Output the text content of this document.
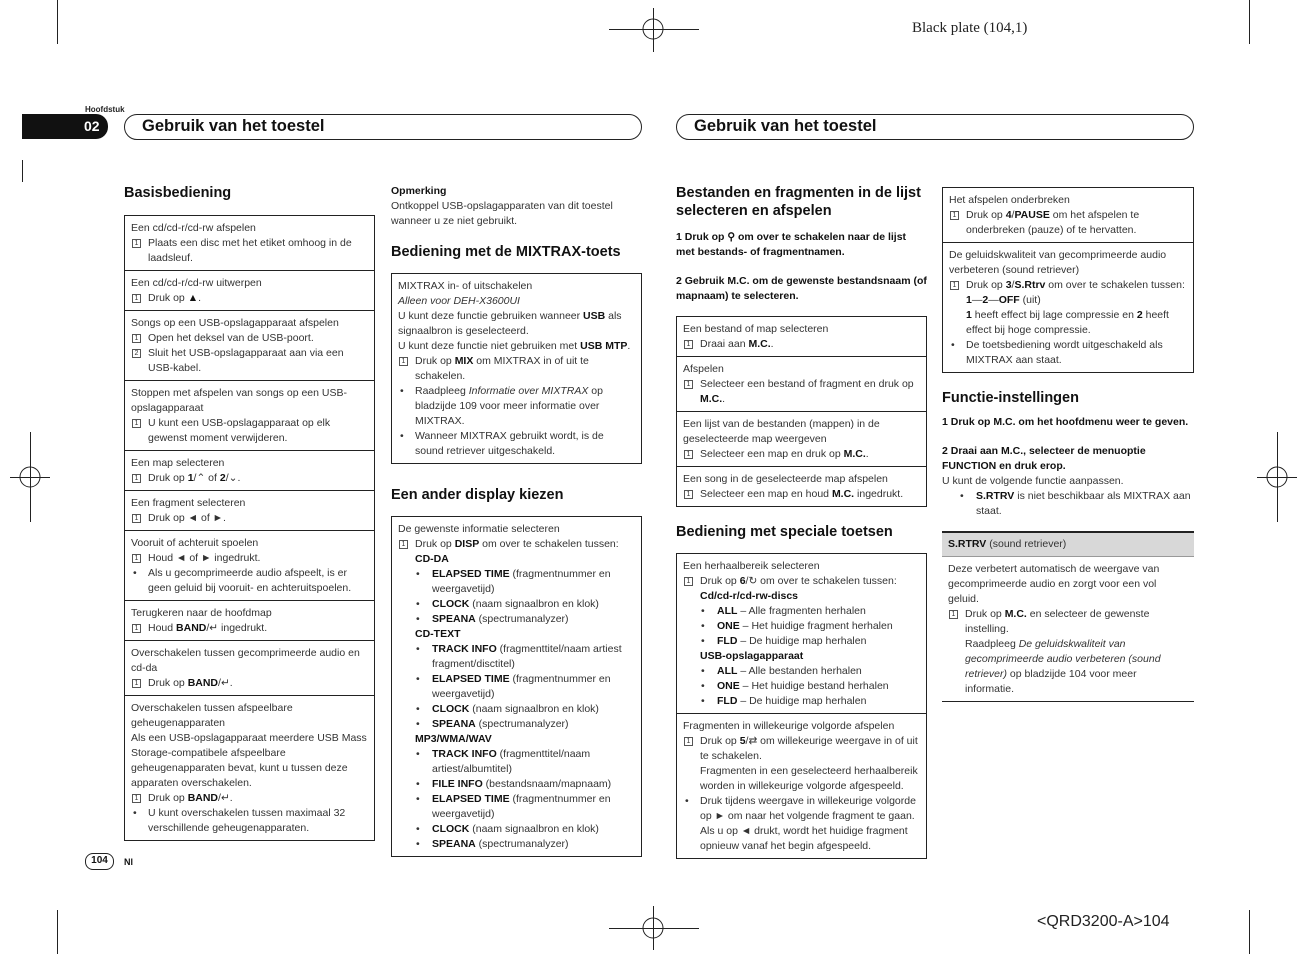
Black plate (104,1)
Hoofdstuk
02	Gebruik van het toestel	Gebruik van het toestel
Basisbediening
Een cd/cd-r/cd-rw afspelen
1 Plaats een disc met het etiket omhoog in de laadsleuf.
Een cd/cd-r/cd-rw uitwerpen
1 Druk op ▲.
Songs op een USB-opslagapparaat afspelen
1 Open het deksel van de USB-poort.
2 Sluit het USB-opslagapparaat aan via een USB-kabel.
Stoppen met afspelen van songs op een USB-opslagapparaat
1 U kunt een USB-opslagapparaat op elk gewenst moment verwijderen.
Een map selecteren
1 Druk op 1/⌃ of 2/⌄.
Een fragment selecteren
1 Druk op ◄ of ►.
Vooruit of achteruit spoelen
1 Houd ◄ of ► ingedrukt.
• Als u gecomprimeerde audio afspeelt, is er geen geluid bij vooruit- en achteruitspoelen.
Terugkeren naar de hoofdmap
1 Houd BAND/↵ ingedrukt.
Overschakelen tussen gecomprimeerde audio en cd-da
1 Druk op BAND/↵.
Overschakelen tussen afspeelbare geheugenapparaten
Als een USB-opslagapparaat meerdere USB Mass Storage-compatibele afspeelbare geheugenapparaten bevat, kunt u tussen deze apparaten overschakelen.
1 Druk op BAND/↵.
• U kunt overschakelen tussen maximaal 32 verschillende geheugenapparaten.
Opmerking
Ontkoppel USB-opslagapparaten van dit toestel wanneer u ze niet gebruikt.
Bediening met de MIXTRAX-toets
MIXTRAX in- of uitschakelen
Alleen voor DEH-X3600UI
U kunt deze functie gebruiken wanneer USB als signaalbron is geselecteerd.
U kunt deze functie niet gebruiken met USB MTP.
1 Druk op MIX om MIXTRAX in of uit te schakelen.
• Raadpleeg Informatie over MIXTRAX op bladzijde 109 voor meer informatie over MIXTRAX.
• Wanneer MIXTRAX gebruikt wordt, is de sound retriever uitgeschakeld.
Een ander display kiezen
De gewenste informatie selecteren
1 Druk op DISP om over te schakelen tussen:
CD-DA
• ELAPSED TIME (fragmentnummer en weergavetijd)
• CLOCK (naam signaalbron en klok)
• SPEANA (spectrumanalyzer)
CD-TEXT
• TRACK INFO (fragmenttitel/naam artiest fragment/disctitel)
• ELAPSED TIME (fragmentnummer en weergavetijd)
• CLOCK (naam signaalbron en klok)
• SPEANA (spectrumanalyzer)
MP3/WMA/WAV
• TRACK INFO (fragmenttitel/naam artiest/albumtitel)
• FILE INFO (bestandsnaam/mapnaam)
• ELAPSED TIME (fragmentnummer en weergavetijd)
• CLOCK (naam signaalbron en klok)
• SPEANA (spectrumanalyzer)
Bestanden en fragmenten in de lijst selecteren en afspelen
1 Druk op ⚲ om over te schakelen naar de lijst met bestands- of fragmentnamen.
2 Gebruik M.C. om de gewenste bestandsnaam (of mapnaam) te selecteren.
Een bestand of map selecteren
1 Draai aan M.C..
Afspelen
1 Selecteer een bestand of fragment en druk op M.C..
Een lijst van de bestanden (mappen) in de geselecteerde map weergeven
1 Selecteer een map en druk op M.C..
Een song in de geselecteerde map afspelen
1 Selecteer een map en houd M.C. ingedrukt.
Bediening met speciale toetsen
Een herhaalbereik selecteren
1 Druk op 6/↻ om over te schakelen tussen:
Cd/cd-r/cd-rw-discs
• ALL – Alle fragmenten herhalen
• ONE – Het huidige fragment herhalen
• FLD – De huidige map herhalen
USB-opslagapparaat
• ALL – Alle bestanden herhalen
• ONE – Het huidige bestand herhalen
• FLD – De huidige map herhalen
Fragmenten in willekeurige volgorde afspelen
1 Druk op 5/⇄ om willekeurige weergave in of uit te schakelen.
Fragmenten in een geselecteerd herhaalbereik worden in willekeurige volgorde afgespeeld.
• Druk tijdens weergave in willekeurige volgorde op ► om naar het volgende fragment te gaan. Als u op ◄ drukt, wordt het huidige fragment opnieuw vanaf het begin afgespeeld.
Het afspelen onderbreken
1 Druk op 4/PAUSE om het afspelen te onderbreken (pauze) of te hervatten.
De geluidskwaliteit van gecomprimeerde audio verbeteren (sound retriever)
1 Druk op 3/S.Rtrv om over te schakelen tussen:
1—2—OFF (uit)
1 heeft effect bij lage compressie en 2 heeft effect bij hoge compressie.
• De toetsbediening wordt uitgeschakeld als MIXTRAX aan staat.
Functie-instellingen
1 Druk op M.C. om het hoofdmenu weer te geven.
2 Draai aan M.C., selecteer de menuoptie FUNCTION en druk erop.
U kunt de volgende functie aanpassen.
• S.RTRV is niet beschikbaar als MIXTRAX aan staat.
S.RTRV (sound retriever)
Deze verbetert automatisch de weergave van gecomprimeerde audio en zorgt voor een vol geluid.
1 Druk op M.C. en selecteer de gewenste instelling.
Raadpleeg De geluidskwaliteit van gecomprimeerde audio verbeteren (sound retriever) op bladzijde 104 voor meer informatie.
104	Nl
<QRD3200-A>104
